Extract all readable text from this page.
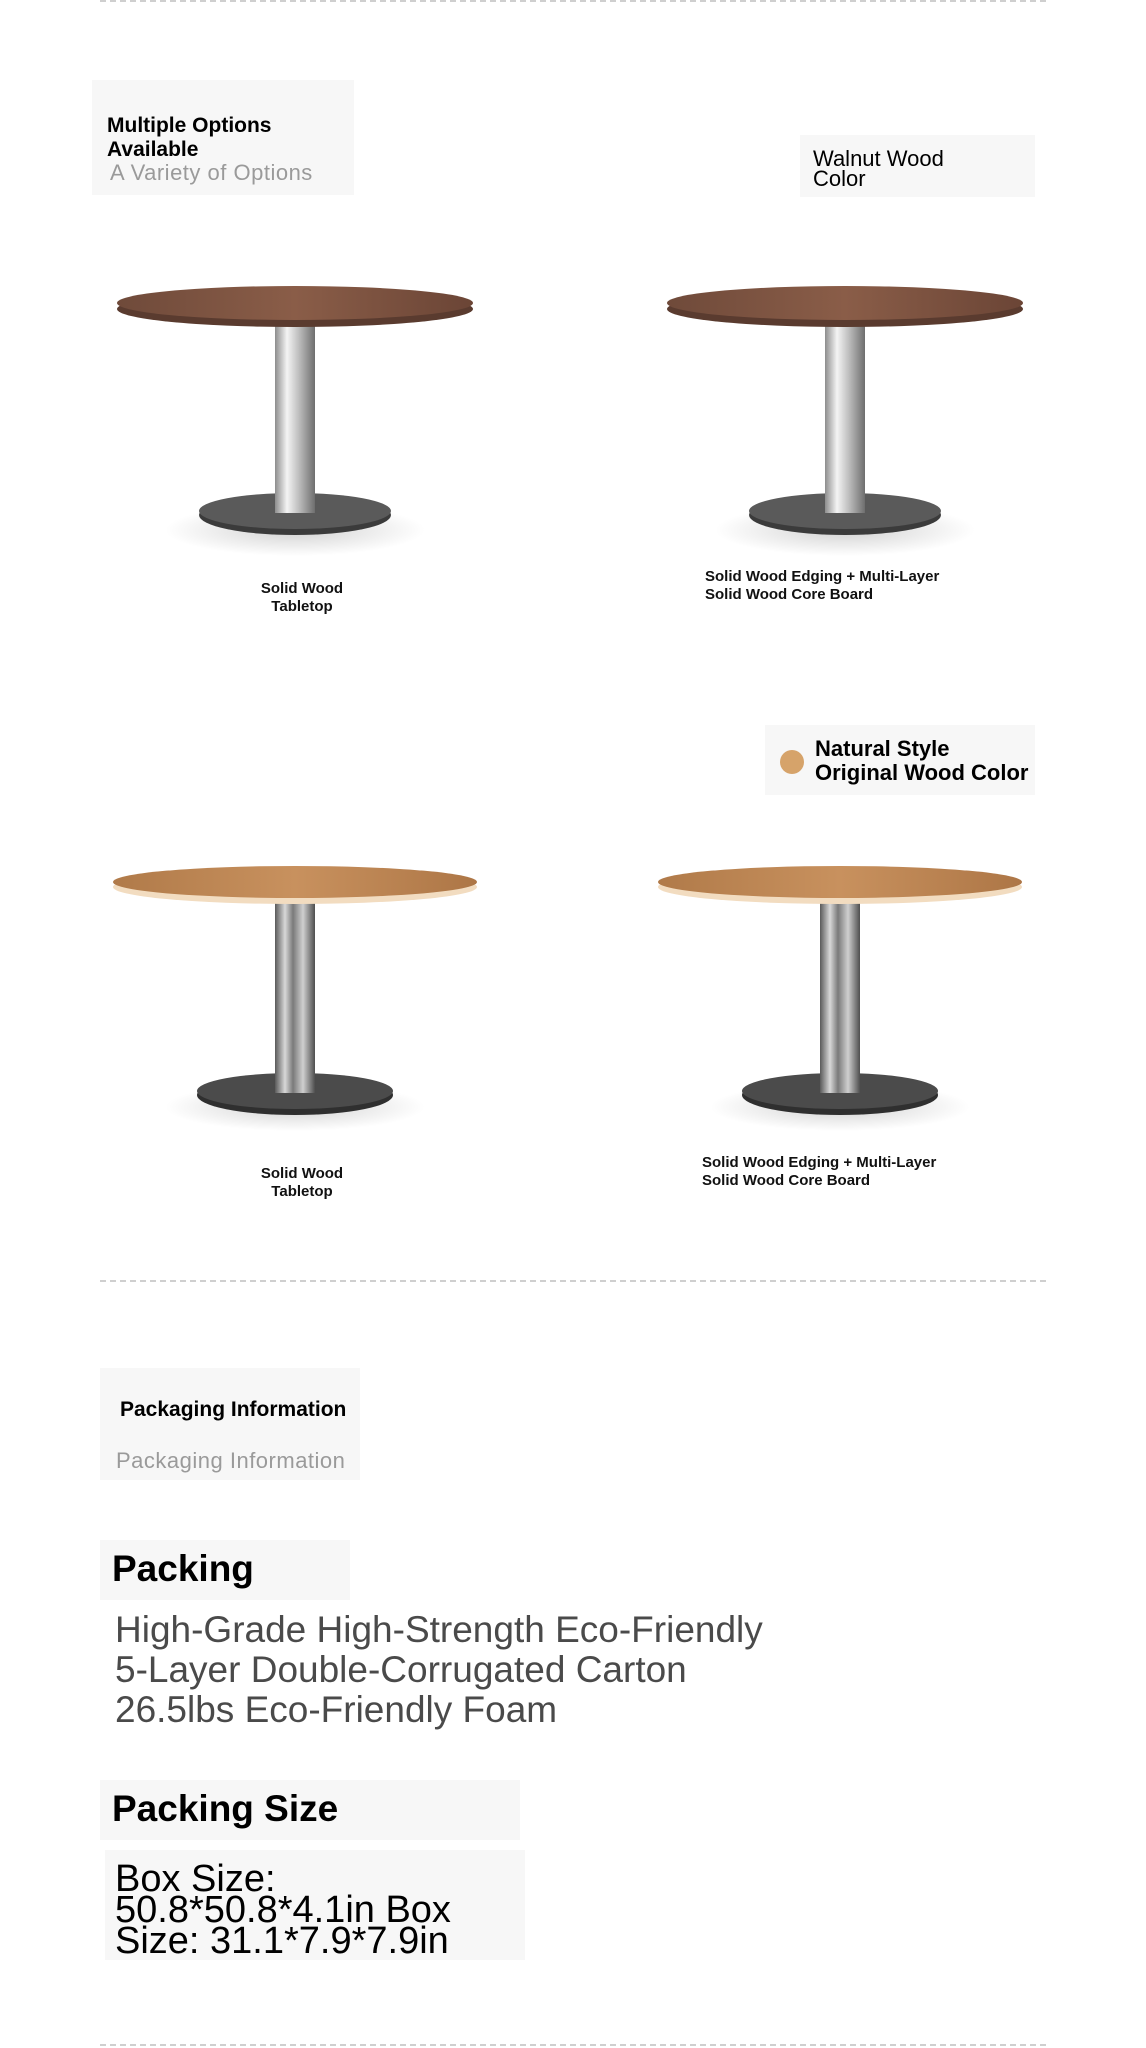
Multiple Options Available
A Variety of Options
Walnut Wood
Color
Solid Wood Tabletop
Solid Wood Edging + Multi-Layer
Solid Wood Core Board
Natural Style
Original Wood Color
Solid Wood Tabletop
Solid Wood Edging + Multi-Layer
Solid Wood Core Board
Packaging Information
Packaging Information
Packing
High-Grade High-Strength Eco-Friendly
5-Layer Double-Corrugated Carton
26.5lbs Eco-Friendly Foam
Packing Size
Box Size:
50.8*50.8*4.1in Box
Size: 31.1*7.9*7.9in
